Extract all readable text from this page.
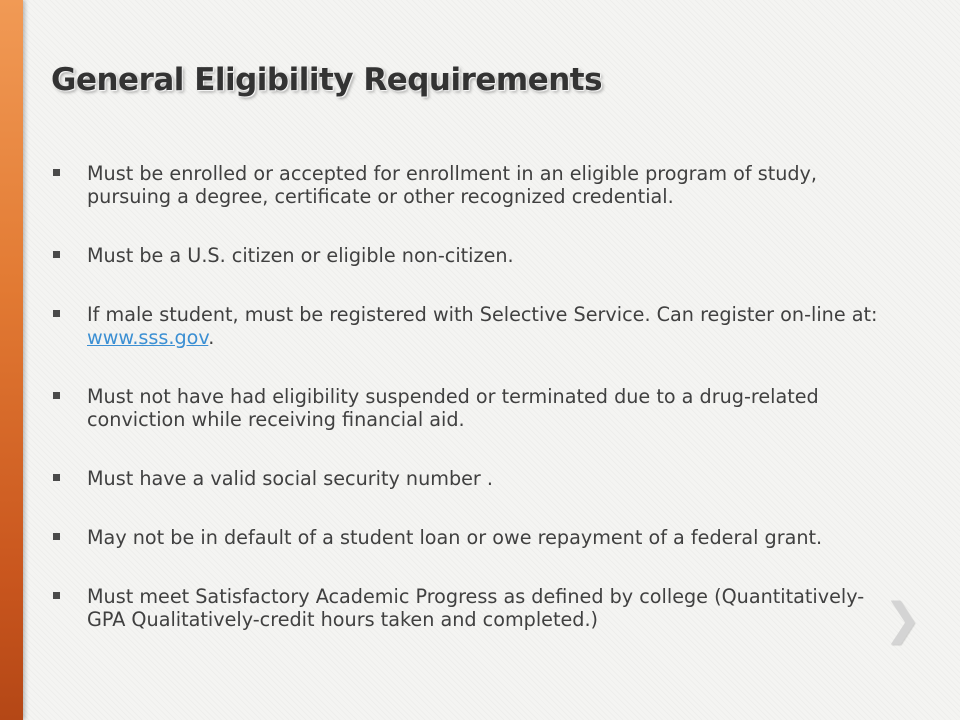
General Eligibility Requirements
Must be enrolled or accepted for enrollment in an eligible program of study, pursuing a degree, certificate or other recognized credential.
Must be a U.S. citizen or eligible non-citizen.
If male student, must be registered with Selective Service. Can register on-line at: www.sss.gov.
Must not have had eligibility suspended or terminated due to a drug-related conviction while receiving financial aid.
Must have a valid social security number .
May not be in default of a student loan or owe repayment of a federal grant.
Must meet Satisfactory Academic Progress as defined by college (Quantitatively-GPA Qualitatively-credit hours taken and completed.)	❯
